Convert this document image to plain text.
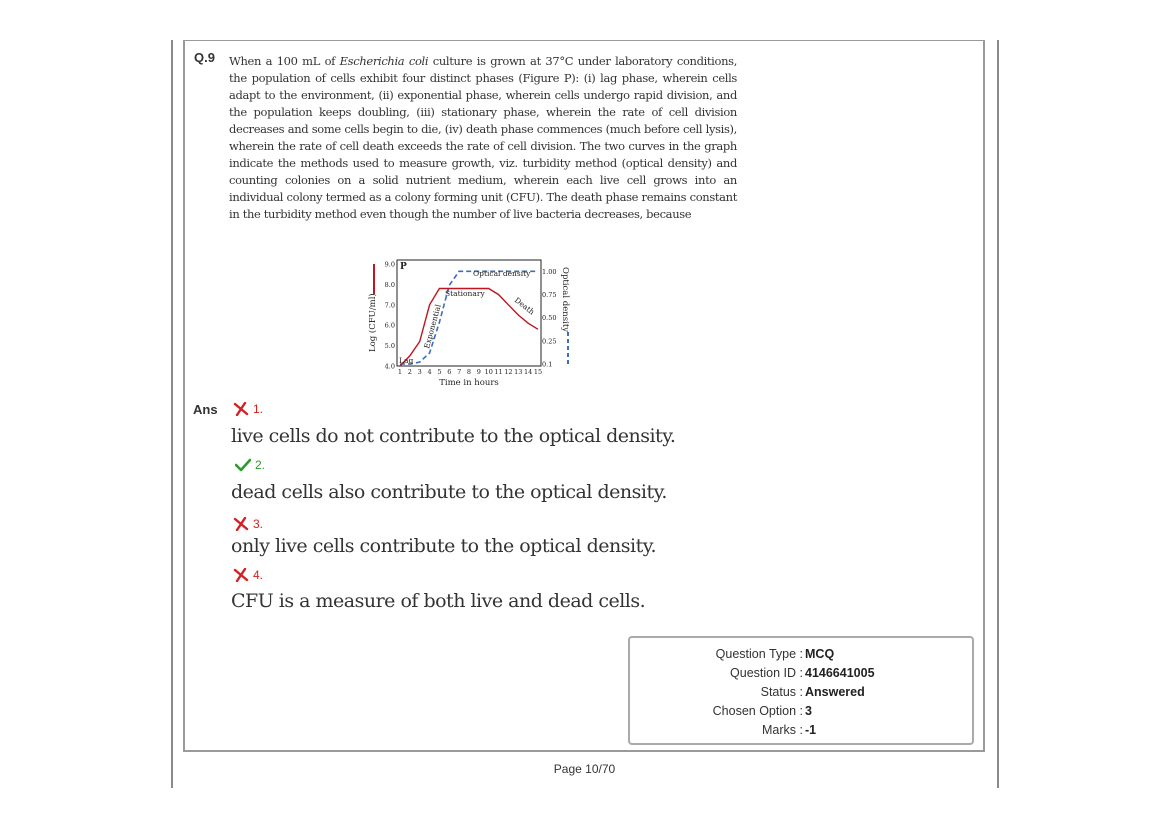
Q.9 When a 100 mL of Escherichia coli culture is grown at 37°C under laboratory conditions, the population of cells exhibit four distinct phases (Figure P): (i) lag phase, wherein cells adapt to the environment, (ii) exponential phase, wherein cells undergo rapid division, and the population keeps doubling, (iii) stationary phase, wherein the rate of cell division decreases and some cells begin to die, (iv) death phase commences (much before cell lysis), wherein the rate of cell death exceeds the rate of cell division. The two curves in the graph indicate the methods used to measure growth, viz. turbidity method (optical density) and counting colonies on a solid nutrient medium, wherein each live cell grows into an individual colony termed as a colony forming unit (CFU). The death phase remains constant in the turbidity method even though the number of live bacteria decreases, because
Log (CFU/ml)	Optical density
P
9.0
8.0
7.0
6.0
5.0
4.0
1.00
0.75
0.50
0.25
0.1
1 2 3 4 5 6 7 8 9 10 11 12 13 14 15
Optical density
Stationary
Death
Exponential
Lag
Time in hours
Ans	1.
live cells do not contribute to the optical density.
2.
dead cells also contribute to the optical density.
3.
only live cells contribute to the optical density.
4.
CFU is a measure of both live and dead cells.
Question Type : MCQ
Question ID : 4146641005
Status : Answered
Chosen Option : 3
Marks : -1
Page 10/70
